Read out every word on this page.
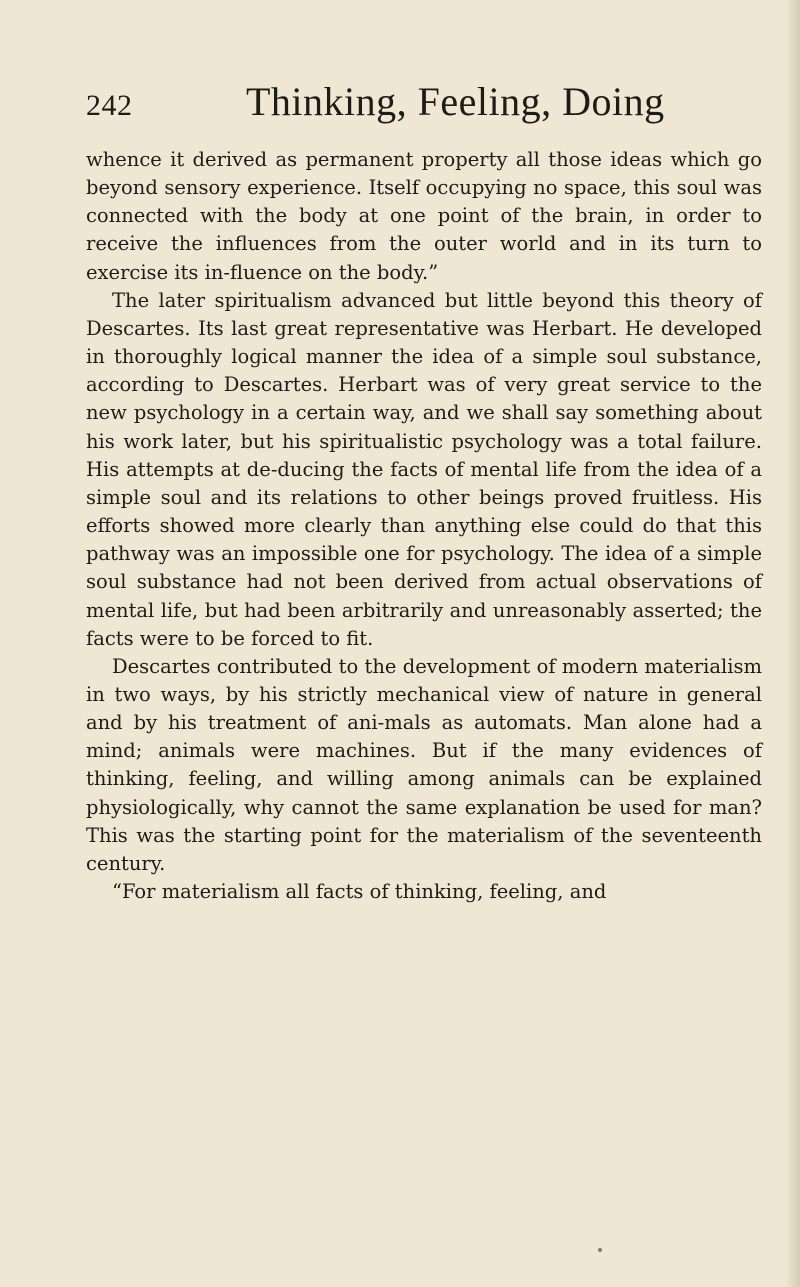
242	Thinking, Feeling, Doing

whence it derived as permanent property all those ideas which go beyond sensory experience. Itself occupying no space, this soul was connected with the body at one point of the brain, in order to receive the influences from the outer world and in its turn to exercise its in-fluence on the body.”

The later spiritualism advanced but little beyond this theory of Descartes. Its last great representative was Herbart. He developed in thoroughly logical manner the idea of a simple soul substance, according to Descartes. Herbart was of very great service to the new psychology in a certain way, and we shall say something about his work later, but his spiritualistic psychology was a total failure. His attempts at de-ducing the facts of mental life from the idea of a simple soul and its relations to other beings proved fruitless. His efforts showed more clearly than anything else could do that this pathway was an impossible one for psychology. The idea of a simple soul substance had not been derived from actual observations of mental life, but had been arbitrarily and unreasonably asserted; the facts were to be forced to fit.

Descartes contributed to the development of modern materialism in two ways, by his strictly mechanical view of nature in general and by his treatment of ani-mals as automats. Man alone had a mind; animals were machines. But if the many evidences of thinking, feeling, and willing among animals can be explained physiologically, why cannot the same explanation be used for man? This was the starting point for the materialism of the seventeenth century.

“For materialism all facts of thinking, feeling, and
